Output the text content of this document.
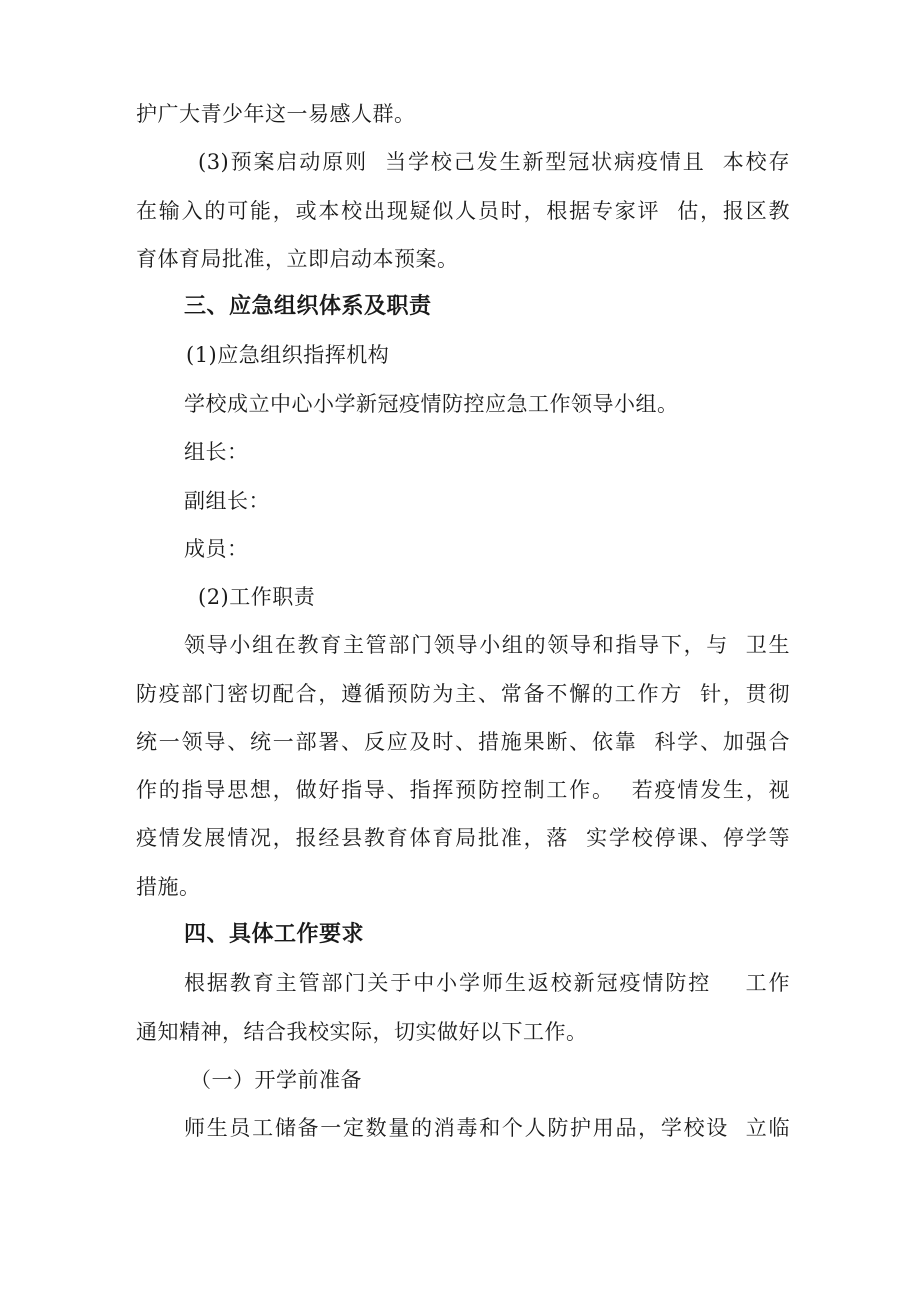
护广大青少年这一易感人群。
(3)预案启动原则  当学校己发生新型冠状病疫情且  本校存
在输入的可能，或本校出现疑似人员时，根据专家评  估，报区教
育体育局批准，立即启动本预案。
三、应急组织体系及职责
(1)应急组织指挥机构
学校成立中心小学新冠疫情防控应急工作领导小组。
组长：
副组长：
成员：
(2)工作职责
领导小组在教育主管部门领导小组的领导和指导下，与  卫生
防疫部门密切配合，遵循预防为主、常备不懈的工作方  针，贯彻
统一领导、统一部署、反应及时、措施果断、依靠  科学、加强合
作的指导思想，做好指导、指挥预防控制工作。  若疫情发生，视
疫情发展情况，报经县教育体育局批准，落  实学校停课、停学等
措施。
四、具体工作要求
根据教育主管部门关于中小学师生返校新冠疫情防控    工作
通知精神，结合我校实际，切实做好以下工作。
（一）开学前准备
师生员工储备一定数量的消毒和个人防护用品，学校设  立临
